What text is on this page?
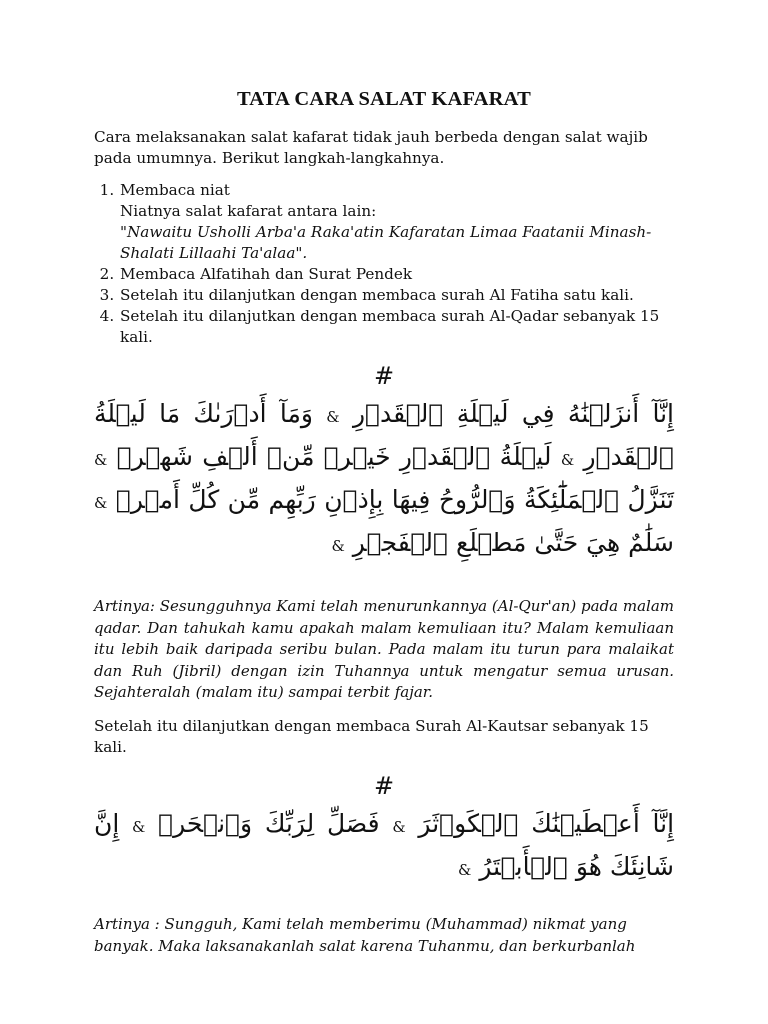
TATA CARA SALAT KAFARAT

Cara melaksanakan salat kafarat tidak jauh berbeda dengan salat wajib pada umumnya. Berikut langkah-langkahnya.

1. Membaca niat
Niatnya salat kafarat antara lain:
"Nawaitu Usholli Arba'a Raka'atin Kafaratan Limaa Faatanii Minash-Shalati Lillaahi Ta'alaa".
2. Membaca Alfatihah dan Surat Pendek
3. Setelah itu dilanjutkan dengan membaca surah Al Fatiha satu kali.
4. Setelah itu dilanjutkan dengan membaca surah Al-Qadar sebanyak 15 kali.
#

إِنَّآ أَنزَلۡنَٰهُ فِي لَيۡلَةِ ٱلۡقَدۡرِ & وَمَآ أَدۡرَىٰكَ مَا لَيۡلَةُ ٱلۡقَدۡرِ & لَيۡلَةُ ٱلۡقَدۡرِ خَيۡرٞ مِّنۡ أَلۡفِ شَهۡرٖ & تَنَزَّلُ ٱلۡمَلَٰٓئِكَةُ وَٱلرُّوحُ فِيهَا بِإِذۡنِ رَبِّهِم مِّن كُلِّ أَمۡرٖ & سَلَٰمٌ هِيَ حَتَّىٰ مَطۡلَعِ ٱلۡفَجۡرِ &

Artinya: Sesungguhnya Kami telah menurunkannya (Al-Qur'an) pada malam qadar. Dan tahukah kamu apakah malam kemuliaan itu? Malam kemuliaan itu lebih baik daripada seribu bulan. Pada malam itu turun para malaikat dan Ruh (Jibril) dengan izin Tuhannya untuk mengatur semua urusan. Sejahteralah (malam itu) sampai terbit fajar.

Setelah itu dilanjutkan dengan membaca Surah Al-Kautsar sebanyak 15 kali.

#

إِنَّآ أَعۡطَيۡنَٰكَ ٱلۡكَوۡثَرَ & فَصَلِّ لِرَبِّكَ وَٱنۡحَرۡ & إِنَّ شَانِئَكَ هُوَ ٱلۡأَبۡتَرُ &

Artinya : Sungguh, Kami telah memberimu (Muhammad) nikmat yang banyak. Maka laksanakanlah salat karena Tuhanmu, dan berkurbanlah
